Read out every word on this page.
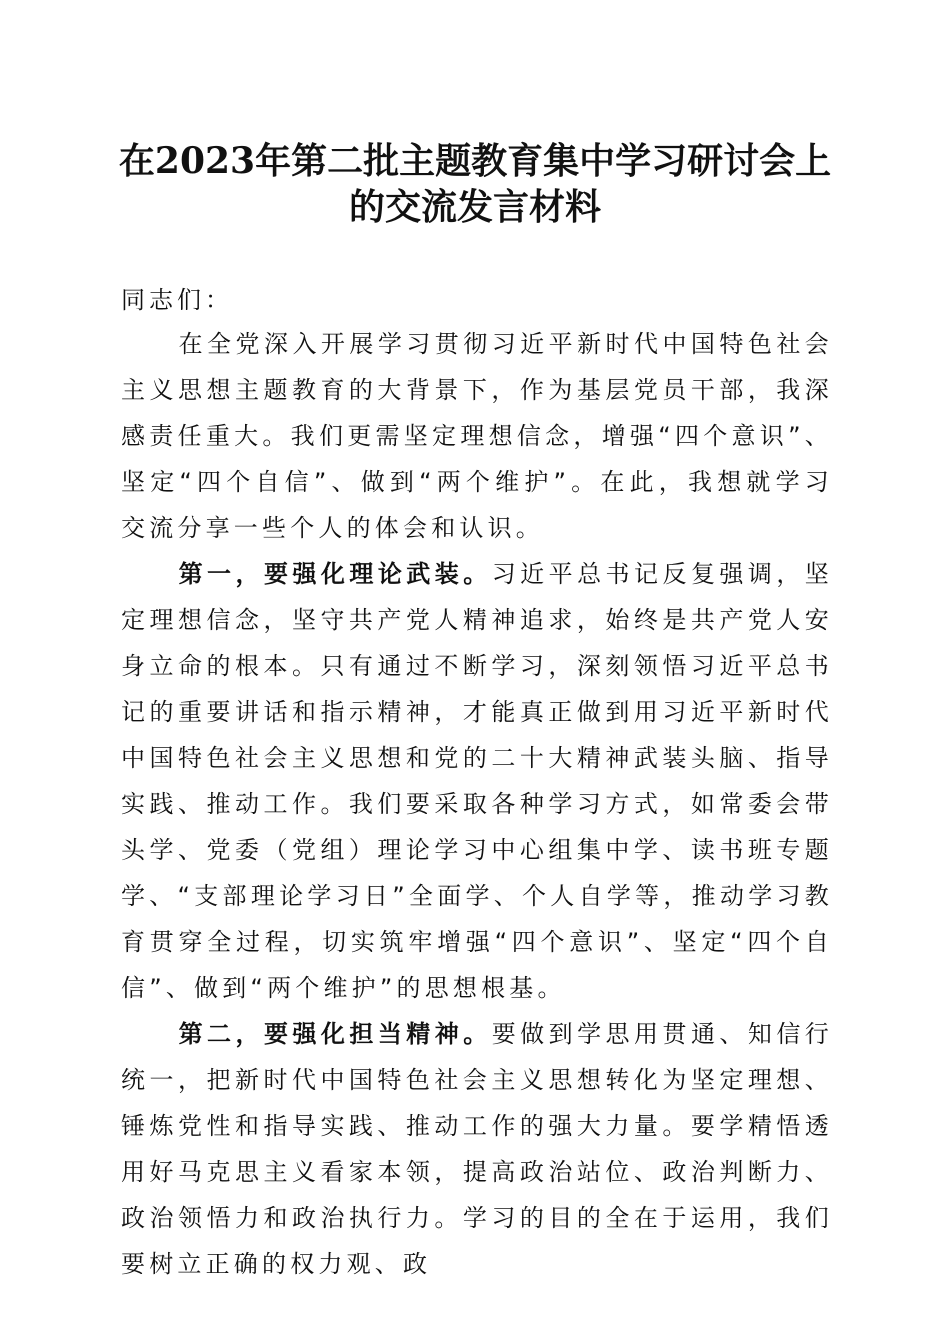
在2023年第二批主题教育集中学习研讨会上
的交流发言材料
同志们：

在全党深入开展学习贯彻习近平新时代中国特色社会主义思想主题教育的大背景下，作为基层党员干部，我深感责任重大。我们更需坚定理想信念，增强“四个意识”、坚定“四个自信”、做到“两个维护”。在此，我想就学习交流分享一些个人的体会和认识。

第一，要强化理论武装。习近平总书记反复强调，坚定理想信念，坚守共产党人精神追求，始终是共产党人安身立命的根本。只有通过不断学习，深刻领悟习近平总书记的重要讲话和指示精神，才能真正做到用习近平新时代中国特色社会主义思想和党的二十大精神武装头脑、指导实践、推动工作。我们要采取各种学习方式，如常委会带头学、党委（党组）理论学习中心组集中学、读书班专题学、“支部理论学习日”全面学、个人自学等，推动学习教育贯穿全过程，切实筑牢增强“四个意识”、坚定“四个自信”、做到“两个维护”的思想根基。

第二，要强化担当精神。要做到学思用贯通、知信行统一，把新时代中国特色社会主义思想转化为坚定理想、锤炼党性和指导实践、推动工作的强大力量。要学精悟透用好马克思主义看家本领，提高政治站位、政治判断力、政治领悟力和政治执行力。学习的目的全在于运用，我们要树立正确的权力观、政
